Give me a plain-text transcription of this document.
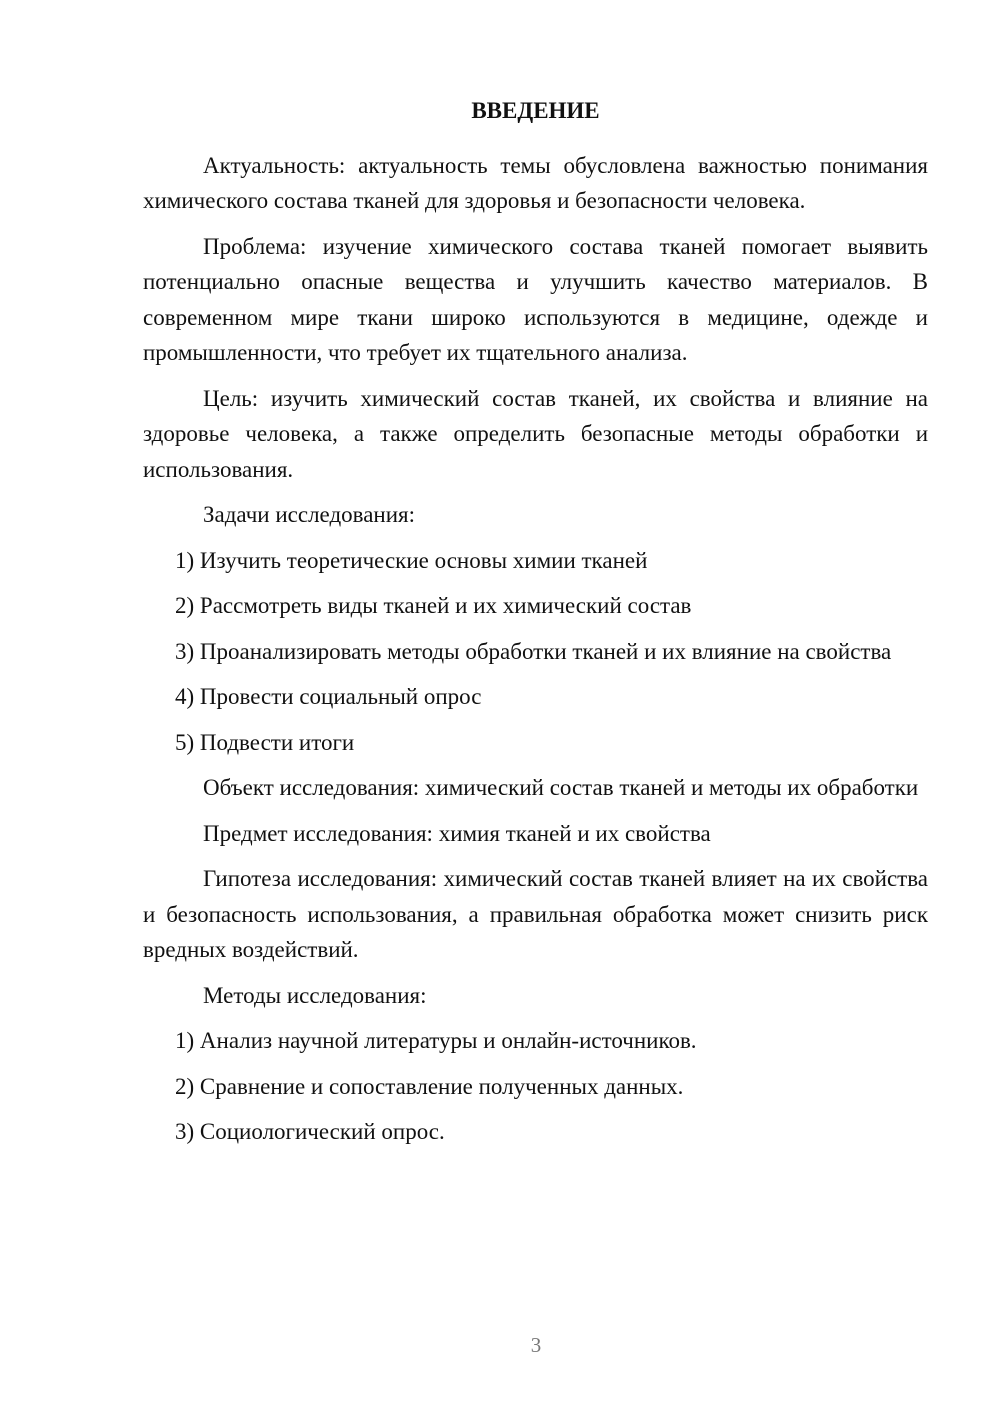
ВВЕДЕНИЕ

Актуальность: актуальность темы обусловлена важностью понимания химического состава тканей для здоровья и безопасности человека.

Проблема: изучение химического состава тканей помогает выявить потенциально опасные вещества и улучшить качество материалов. В современном мире ткани широко используются в медицине, одежде и промышленности, что требует их тщательного анализа.

Цель: изучить химический состав тканей, их свойства и влияние на здоровье человека, а также определить безопасные методы обработки и использования.

Задачи исследования:

1) Изучить теоретические основы химии тканей

2) Рассмотреть виды тканей и их химический состав

3) Проанализировать методы обработки тканей и их влияние на свойства

4) Провести социальный опрос

5) Подвести итоги

Объект исследования: химический состав тканей и методы их обработки

Предмет исследования: химия тканей и их свойства

Гипотеза исследования: химический состав тканей влияет на их свойства и безопасность использования, а правильная обработка может снизить риск вредных воздействий.

Методы исследования:

1) Анализ научной литературы и онлайн-источников.

2) Сравнение и сопоставление полученных данных.

3) Социологический опрос.

3
